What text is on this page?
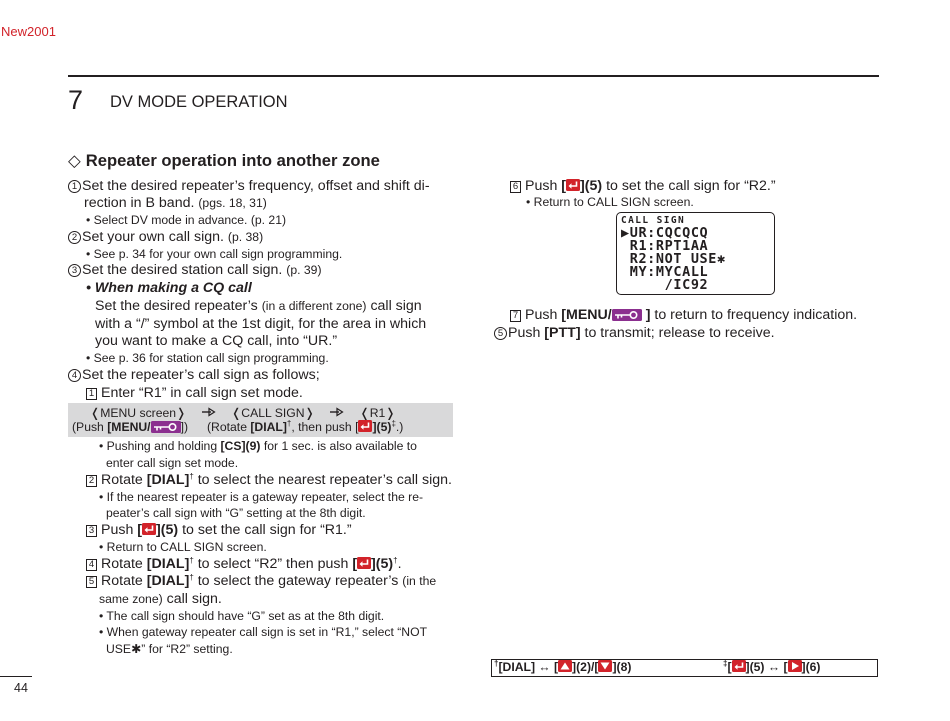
New2001
7 DV MODE OPERATION
◇ Repeater operation into another zone
1 Set the desired repeater’s frequency, offset and shift di-
rection in B band. (pgs. 18, 31)
• Select DV mode in advance. (p. 21)
2 Set your own call sign. (p. 38)
• See p. 34 for your own call sign programming.
3 Set the desired station call sign. (p. 39)
• When making a CQ call
Set the desired repeater’s (in a different zone) call sign
with a “/” symbol at the 1st digit, for the area in which
you want to make a CQ call, into “UR.”
• See p. 36 for station call sign programming.
4 Set the repeater’s call sign as follows;
1 Enter “R1” in call sign set mode.
❬MENU screen❭	❬CALL SIGN❭	❬R1❭
(Push [MENU/ ]) (Rotate [DIAL]†, then push [ ](5)‡.)
• Pushing and holding [CS](9) for 1 sec. is also available to
enter call sign set mode.
2 Rotate [DIAL]† to select the nearest repeater’s call sign.
• If the nearest repeater is a gateway repeater, select the re-
peater’s call sign with “G” setting at the 8th digit.
3 Push [ ](5) to set the call sign for “R1.”
• Return to CALL SIGN screen.
4 Rotate [DIAL]† to select “R2” then push [ ](5)†.
5 Rotate [DIAL]† to select the gateway repeater’s (in the
same zone) call sign.
• The call sign should have “G” set as at the 8th digit.
• When gateway repeater call sign is set in “R1,” select “NOT
USE✱” for “R2” setting.
6 Push [ ](5) to set the call sign for “R2.”
• Return to CALL SIGN screen.
CALL SIGN
▶UR:CQCQCQ
R1:RPT1AA
R2:NOT USE✱
MY:MYCALL
/IC92
7 Push [MENU/ ] to return to frequency indication.
5 Push [PTT] to transmit; release to receive.
†[DIAL] ↔ [ ](2)/[ ](8)	‡[ ](5) ↔ [ ](6)
44
